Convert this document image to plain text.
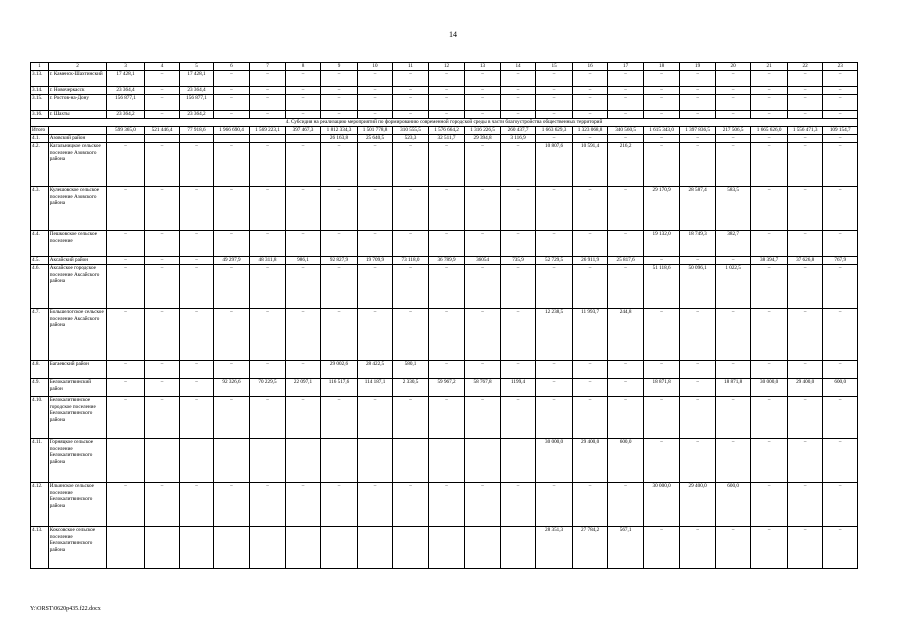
14
1	2	3	4	5	6	7	8	9	10	11	12	13	14	15	16	17	18	19	20	21	22	23
3.13.	г. Каменск-Шахтинский	17 428,1	–	17 428,1	–	–	–	–	–	–	–	–	–	–	–	–	–	–	–	–	–	–
3.14.	г. Новочеркасск	23 364,4	–	23 364,4	–	–	–	–	–	–	–	–	–	–	–	–	–	–	–	–	–	–
3.15.	г. Ростов-на-Дону	156 877,1	–	156 877,1	–	–	–	–	–	–	–	–	–	–	–	–	–	–	–	–	–	–
3.16.	г. Шахты	23 364,2	–	23 364,2	–	–	–	–	–	–	–	–	–	–	–	–	–	–	–	–	–	–
4. Субсидия на реализацию мероприятий по формированию современной городской среды в части благоустройства общественных территорий																						
Итого		599 365,0	521 446,4	77 918,6	1 966 690,4	1 569 223,1	397 467,3	1 812 334,3	1 501 778,8	310 555,5	1 576 664,2	1 316 226,5	260 437,7	1 663 629,3	1 323 068,8	340 560,5	1 615 343,0	1 397 836,5	217 506,5	1 665 626,0	1 556 471,3	109 154,7
4.1.	Азовский район							26 163,8	25 640,5	523,3	32 511,7	29 394,8	3 116,9	–	–	–	–	–	–	–	–	–
4.2.	Кагальницкое сельское поселение Азовского района	–	–	–	–	–	–	–	–	–	–	–	–	10 807,6	10 591,4	216,2	–	–	–	–	–	–
4.3.	Кулешовское сельское поселение Азовского района	–	–	–	–	–	–	–	–	–	–	–	–	–	–	–	29 170,9	28 587,4	583,5	–	–	–
4.4.	Пешковское сельское поселение	–	–	–	–	–	–	–	–	–	–	–	–	–	–	–	19 132,0	18 749,3	382,7	–	–	–
4.5.	Аксайский район	–	–	–	49 297,9	48 311,8	986,1	92 827,9	19 709,9	73 118,0	36 789,9	36054	735,9	52 729,5	26 911,9	25 817,6	–	–	–	38 394,7	37 626,8	767,9
4.6.	Аксайское городское поселение Аксайского района	–	–	–	–	–	–	–	–	–	–	–	–	–	–	–	51 118,6	50 096,1	1 022,5	–	–	–
4.7.	Большелогское сельское поселение Аксайского района	–	–	–	–	–	–	–	–	–	–	–	–	12 238,5	11 993,7	244,8	–	–	–	–	–	–
4.8.	Багаевский район	–	–	–	–	–	–	29 002,6	28 422,5	580,1	–	–	–	–	–	–	–	–	–	–	–	–
4.9.	Белокалитвинский район	–	–	–	92 326,6	70 229,5	22 097,1	116 517,6	114 187,1	2 330,5	59 967,2	58 767,8	1199,4	–	–	–	18 871,8	–	18 871,8	30 000,0	29 400,0	600,0
4.10.	Белокалитвинское городское поселение Белокалитвинского района	–	–	–	–	–	–	–	–	–	–	–	–	–	–	–	–	–	–	–	–	–
4.11.	Горняцкое сельское поселение Белокалитвинского района													30 000,0	29 400,0	600,0	–	–	–	–	–	–
4.12.	Ильинское сельское поселение Белокалитвинского района	–	–	–	–	–	–	–	–	–	–	–	–	–	–	–	30 000,0	29 400,0	600,0	–	–	–
4.13.	Коксовское сельское поселение Белокалитвинского района													28 351,3	27 784,2	567,1	–	–	–	–	–	–
Y:\ORST\0620p435.f22.docx
